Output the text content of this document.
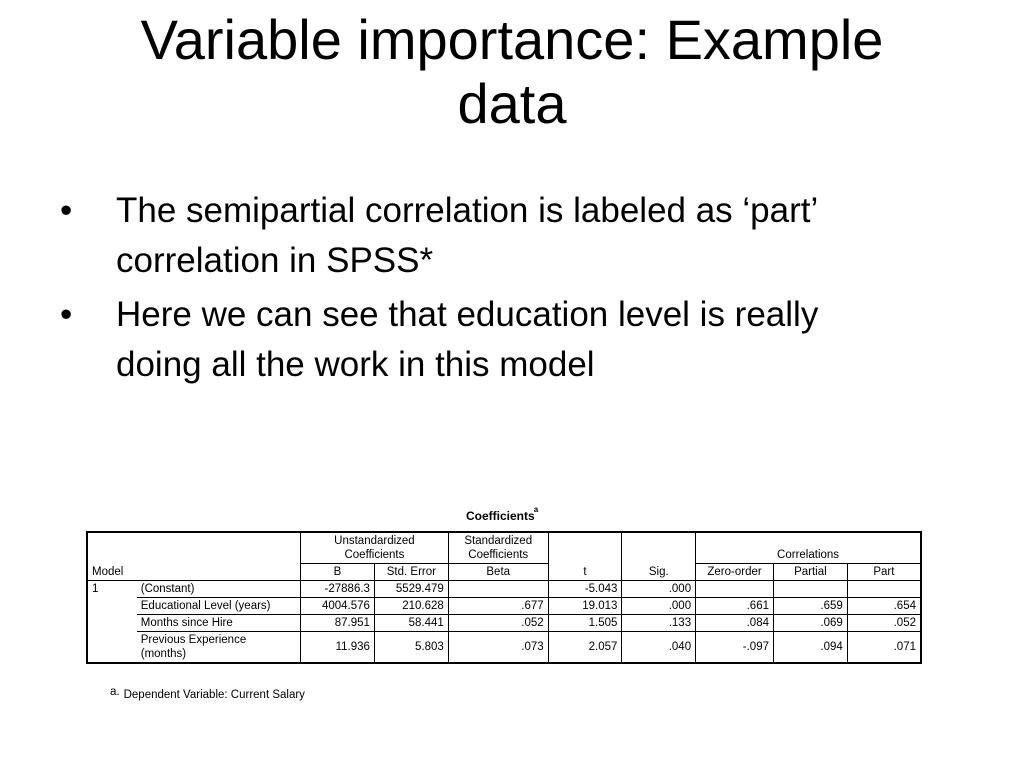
Variable importance: Example
data
•	The semipartial correlation is labeled as ‘part’
correlation in SPSS*
•	Here we can see that education level is really
doing all the work in this model
Coefficients$^a$
		Unstandardized Coefficients		Standardized Coefficients			Correlations		
Model		B	Std. Error	Beta	t	Sig.	Zero-order	Partial	Part
1	(Constant)	-27886.3	5529.479		-5.043	.000			
	Educational Level (years)	4004.576	210.628	.677	19.013	.000	.661	.659	.654
	Months since Hire	87.951	58.441	.052	1.505	.133	.084	.069	.052
	Previous Experience
(months)	11.936	5.803	.073	2.057	.040	-.097	.094	.071
a. Dependent Variable: Current Salary
